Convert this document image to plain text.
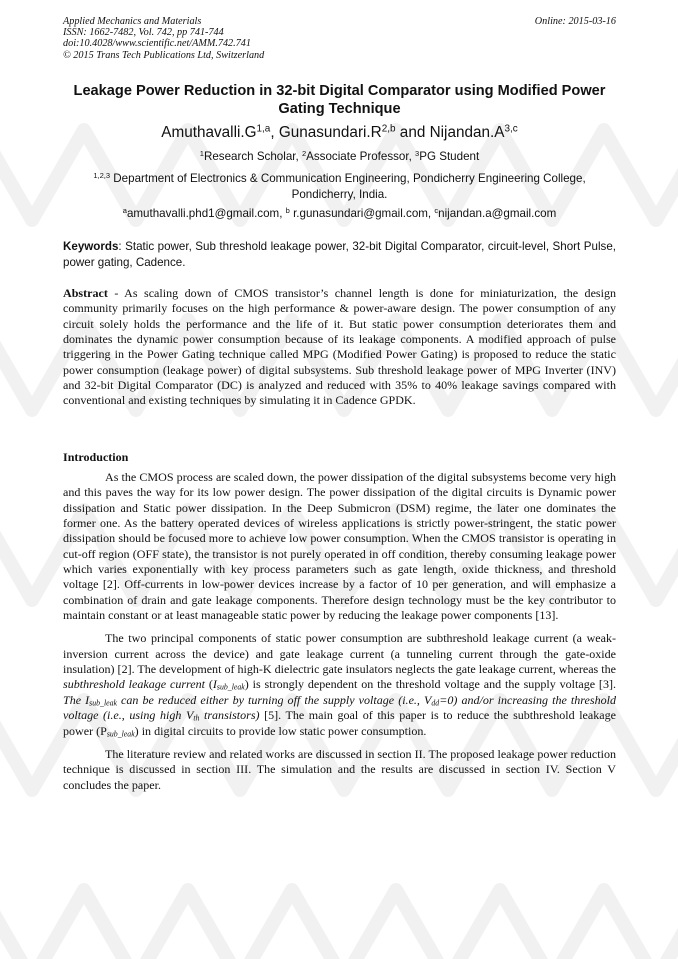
Applied Mechanics and Materials
ISSN: 1662-7482, Vol. 742, pp 741-744
doi:10.4028/www.scientific.net/AMM.742.741
© 2015 Trans Tech Publications Ltd, Switzerland
Online: 2015-03-16
Leakage Power Reduction in 32-bit Digital Comparator using Modified Power Gating Technique
$Amuthavalli.G^{1,a}$, $Gunasundari.R^{2,b}$ and $Nijandan.A^{3,c}$
$^1$Research Scholar, $^2$Associate Professor, $^3$PG Student
$^{1,2,3}$ Department of Electronics & Communication Engineering, Pondicherry Engineering College, Pondicherry, India.
$^a$amuthavalli.phd1@gmail.com, $^b$ r.gunasundari@gmail.com, $^c$nijandan.a@gmail.com
Keywords: Static power, Sub threshold leakage power, 32-bit Digital Comparator, circuit-level, Short Pulse, power gating, Cadence.

Abstract - As scaling down of CMOS transistor’s channel length is done for miniaturization, the design community primarily focuses on the high performance & power-aware design. The power consumption of any circuit solely holds the performance and the life of it. But static power consumption deteriorates them and dominates the dynamic power consumption because of its leakage components. A modified approach of pulse triggering in the Power Gating technique called MPG (Modified Power Gating) is proposed to reduce the static power consumption (leakage power) of digital subsystems. Sub threshold leakage power of MPG Inverter (INV) and 32-bit Digital Comparator (DC) is analyzed and reduced with 35% to 40% leakage savings compared with conventional and existing techniques by simulating it in Cadence GPDK.

Introduction

As the CMOS process are scaled down, the power dissipation of the digital subsystems become very high and this paves the way for its low power design. The power dissipation of the digital circuits is Dynamic power dissipation and Static power dissipation. In the Deep Submicron (DSM) regime, the later one dominates the former one. As the battery operated devices of wireless applications is strictly power-stringent, the static power dissipation should be focused more to achieve low power consumption. When the CMOS transistor is operating in cut-off region (OFF state), the transistor is not purely operated in off condition, thereby consuming leakage power which varies exponentially with key process parameters such as gate length, oxide thickness, and threshold voltage [2]. Off-currents in low-power devices increase by a factor of 10 per generation, and will emphasize a combination of drain and gate leakage components. Therefore design technology must be the key contributor to maintain constant or at least manageable static power by reducing the leakage power components [13].

The two principal components of static power consumption are subthreshold leakage current (a weak-inversion current across the device) and gate leakage current (a tunneling current through the gate-oxide insulation) [2]. The development of high-K dielectric gate insulators neglects the gate leakage current, whereas the subthreshold leakage current $(I_{sub\_leak})$ is strongly dependent on the threshold voltage and the supply voltage [3]. The $I_{sub\_leak}$ can be reduced either by turning off the supply voltage (i.e., $V_{dd}=0$) and/or increasing the threshold voltage (i.e., using high $V_{th}$ transistors) [5]. The main goal of this paper is to reduce the subthreshold leakage power $(P_{sub\_leak})$ in digital circuits to provide low static power consumption.

The literature review and related works are discussed in section II. The proposed leakage power reduction technique is discussed in section III. The simulation and the results are discussed in section IV. Section V concludes the paper.
